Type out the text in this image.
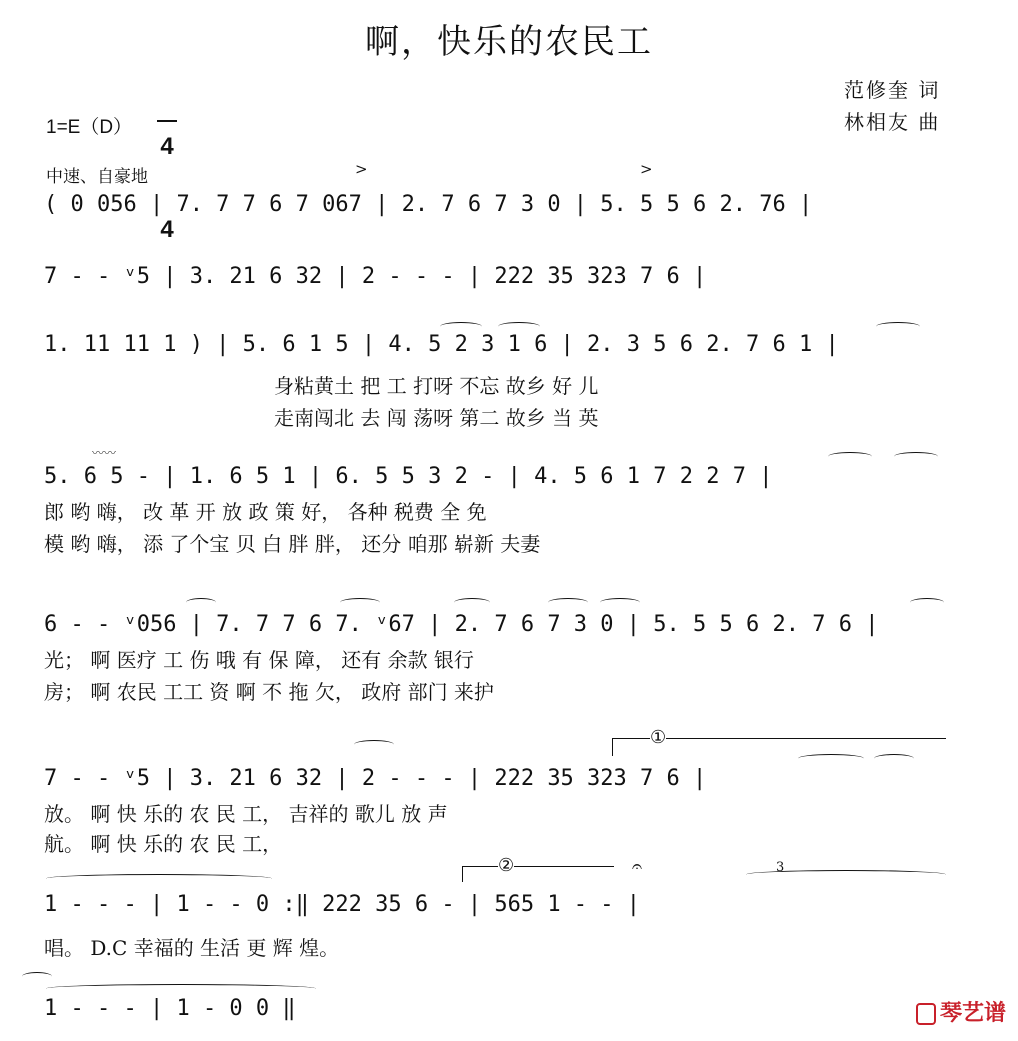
啊，快乐的农民工
范修奎 词
林相友 曲
1=E（D）

4

4

中速、自豪地	>	>
( 0 056 | 7. 7 7 6 7 067 | 2. 7 6 7 3 0 | 5. 5 5 6 2. 76 |
7 - - ᵛ5 | 3. 21 6 32 | 2 - - - | 222 35 323 7 6 |
1. 11 11 1 ) | 5. 6 1 5 | 4. 5 2 3 1 6 | 2. 3 5 6 2. 7 6 1 |
身粘黄土 把 工 打呀 不忘 故乡 好 儿
走南闯北 去 闯 荡呀 第二 故乡 当 英
〰〰
5. 6 5 - | 1. 6 5 1 | 6. 5 5 3 2 - | 4. 5 6 1 7 2 2 7 |
郎 哟 嗨， 改 革 开 放 政 策 好， 各种 税费 全 免
模 哟 嗨， 添 了个宝 贝 白 胖 胖， 还分 咱那 崭新 夫妻
6 - - ᵛ056 | 7. 7 7 6 7. ᵛ67 | 2. 7 6 7 3 0 | 5. 5 5 6 2. 7 6 |
光； 啊 医疗 工 伤 哦 有 保 障， 还有 余款 银行
房； 啊 农民 工工 资 啊 不 拖 欠， 政府 部门 来护
①
7 - - ᵛ5 | 3. 21 6 32 | 2 - - - | 222 35 323 7 6 |
放。 啊 快 乐的 农 民 工， 吉祥的 歌儿 放 声
航。 啊 快 乐的 农 民 工，
②	𝄐	3
1 - - - | 1 - - 0 :‖ 222 35 6 - | 565 1 - - |
唱。 D.C 幸福的 生活 更 辉 煌。
1 - - - | 1 - 0 0 ‖	琴艺谱
